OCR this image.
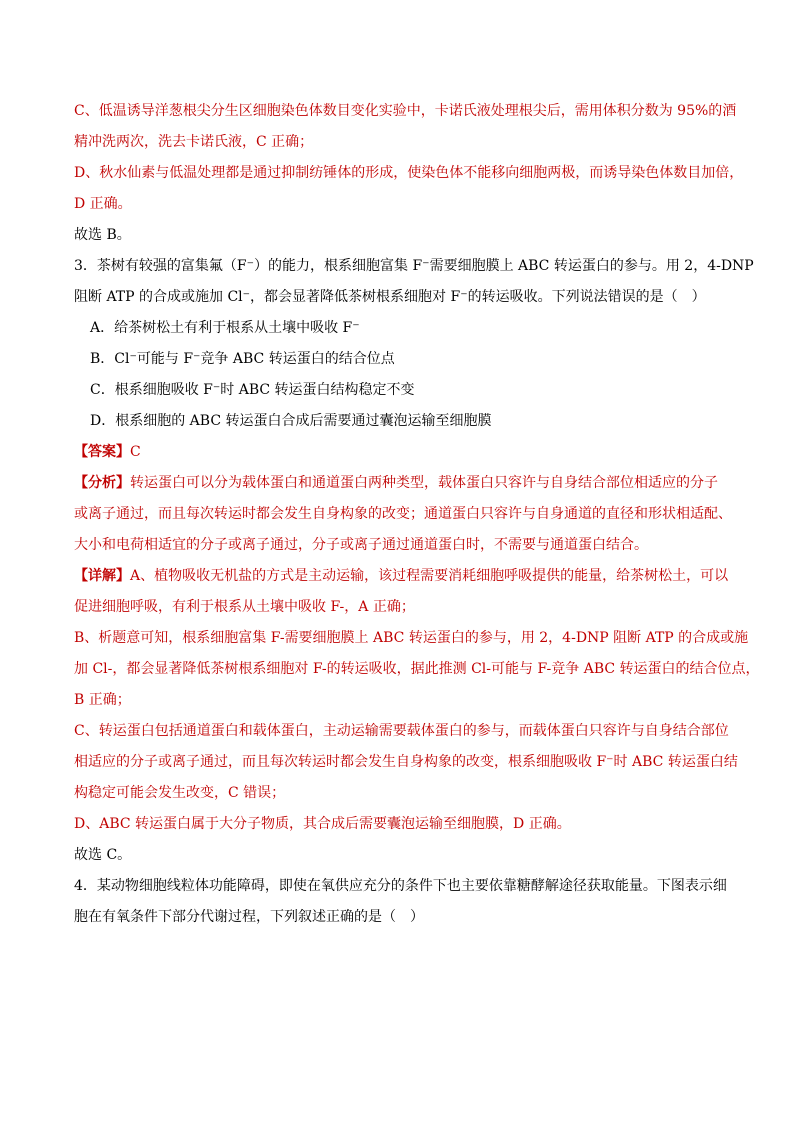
C、低温诱导洋葱根尖分生区细胞染色体数目变化实验中，卡诺氏液处理根尖后，需用体积分数为 95%的酒
精冲洗两次，洗去卡诺氏液，C 正确；
D、秋水仙素与低温处理都是通过抑制纺锤体的形成，使染色体不能移向细胞两极，而诱导染色体数目加倍，
D 正确。
故选 B。
3．茶树有较强的富集氟（F⁻）的能力，根系细胞富集 F⁻需要细胞膜上 ABC 转运蛋白的参与。用 2，4-DNP
阻断 ATP 的合成或施加 Cl⁻，都会显著降低茶树根系细胞对 F⁻的转运吸收。下列说法错误的是（　）
A．给茶树松土有利于根系从土壤中吸收 F⁻
B．Cl⁻可能与 F⁻竞争 ABC 转运蛋白的结合位点
C．根系细胞吸收 F⁻时 ABC 转运蛋白结构稳定不变
D．根系细胞的 ABC 转运蛋白合成后需要通过囊泡运输至细胞膜
【答案】C
【分析】转运蛋白可以分为载体蛋白和通道蛋白两种类型，载体蛋白只容许与自身结合部位相适应的分子
或离子通过，而且每次转运时都会发生自身构象的改变；通道蛋白只容许与自身通道的直径和形状相适配、
大小和电荷相适宜的分子或离子通过，分子或离子通过通道蛋白时，不需要与通道蛋白结合。
【详解】A、植物吸收无机盐的方式是主动运输，该过程需要消耗细胞呼吸提供的能量，给茶树松土，可以
促进细胞呼吸，有利于根系从土壤中吸收 F-，A 正确；
B、析题意可知，根系细胞富集 F-需要细胞膜上 ABC 转运蛋白的参与，用 2，4-DNP 阻断 ATP 的合成或施
加 Cl-，都会显著降低茶树根系细胞对 F-的转运吸收，据此推测 Cl-可能与 F-竞争 ABC 转运蛋白的结合位点，
B 正确；
C、转运蛋白包括通道蛋白和载体蛋白，主动运输需要载体蛋白的参与，而载体蛋白只容许与自身结合部位
相适应的分子或离子通过，而且每次转运时都会发生自身构象的改变，根系细胞吸收 F⁻时 ABC 转运蛋白结
构稳定可能会发生改变，C 错误；
D、ABC 转运蛋白属于大分子物质，其合成后需要囊泡运输至细胞膜，D 正确。
故选 C。
4．某动物细胞线粒体功能障碍，即使在氧供应充分的条件下也主要依靠糖酵解途径获取能量。下图表示细
胞在有氧条件下部分代谢过程，下列叙述正确的是（　）
